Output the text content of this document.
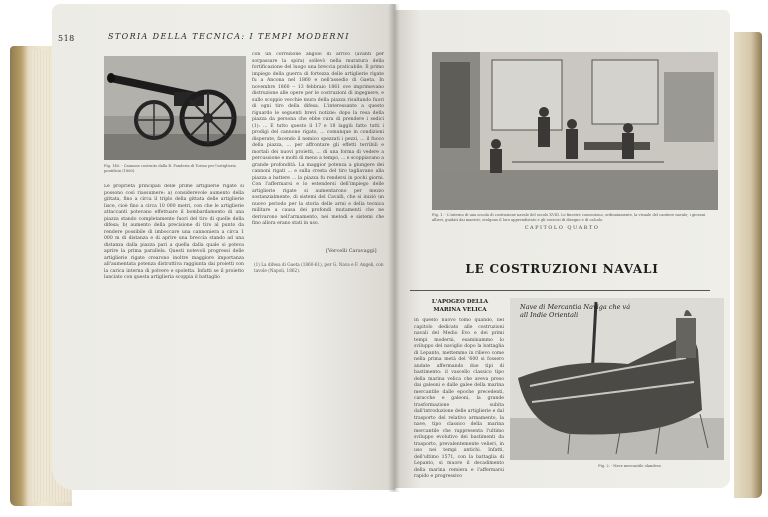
518	STORIA DELLA TECNICA: I TEMPI MODERNI
Fig. 140. - Cannone costruito dalla R. Fonderia di Torino per l'artiglieria pontificia (1860).
Le proprietà principali delle prime artiglierie rigate si possono così riassumere: a) considerevole aumento della gittata, fino a circa il triplo della gittata delle artiglierie lisce, cioè fino a circa 10 000 metri, con che le artiglierie attaccanti potevano effettuare il bombardamento di una piazza stando completamente fuori del tiro di quelle della difesa; b) aumento della precisione di tiro al punto da rendere possibile di imboccare una cannoniera a circa 1 000 m di distanza e di aprire una breccia stando ad una distanza dalla piazza pari a quella dalla quale si poteva aprire la prima parallela. Questi notevoli progressi delle artiglierie rigate crearono inoltre maggiore importanza all'aumentata potenza distruttiva raggiunta dai proietti con la carica interna di polvere e spoletta. Infatti se il proietto lanciato con questa artiglieria scoppia il battaglio
con un correzione angolo di arrivo (avanti per sorpassare la spira) sollevò nella muratura della fortificazione del luogo una breccia praticabile. Il primo impiego della guerra di fortezza delle artiglierie rigate fu a Ancona nel 1860 e nell'assedio di Gaeta. In novembre 1860 -- 13 febbraio 1861 ove imprimevano distruzione alle opere per le costruzioni di ingegnere, e sullo scoppio vecchie mura della piazza risultando fuori di ogni tiro della difesa. L'interessante a questo riguardo le seguenti brevi notizie: dopo la resa della piazza da persona che ebbe cura di prendere i sedici (1): ... E tutto questo il 17 e 18 laggiù fatto tutti i prodigi del cannone rigato, ... comunque in condizioni disperate, facendo il nemico spezzati i pezzi, ... il fuoco della piazza, ... per affrontare gli effetti terribili e mortali dei nuovi proietti, ... di una forma di vedere a percussione e molti di meno a tempo, ... e scoppiavano a grande profondità. La maggior potenza a giungere dei cannoni rigati ... e sulla cresta del tiro tagliavano alla piazza a battere ... la piazza fu rendersi in pochi giorni. Con l'affermarsi e lo estendersi dell'impiego delle artiglierie rigate si aumentarono per mezzo sostanzialmente, di sistemi del Cavalli, che si iniziò un nuovo periodo per la storia delle armi e della tecnica militare a causa dei profondi mutamenti che ne derivarono nell'armamento, nei metodi e sistemi che fino allora erano stati in uso.
[Vercelli Caravaggi]
(1) La difesa di Gaeta (1860-61), per G. Nava e F. Angeli, con tavole (Napoli, 1862).
Fig. 1. - L'interno di una scuola di costruzione navale del secolo XVIII. Le finestre consentono, ordinatamente, la visuale del cantiere navale; i giovani allievi, guidati dai maestri, svolgono il loro apprendistato e gli esercizi di disegno e di calcolo.
CAPITOLO QUARTO
LE COSTRUZIONI NAVALI
L'APOGEO DELLA MARINA VELICA
In questo nuovo tomo quando, nel capitolo dedicato alle costruzioni navali del Medio Evo e dei primi tempi moderni, esaminammo lo sviluppo del naviglio dopo la battaglia di Lepanto, mettemmo in rilievo come nella prima metà del '600 si fossero andate affermando due tipi di bastimento: il vascello classico tipo della marina velica che aveva preso dai galeoni e dalle galee della marina mercantile dalle epoche precedenti, caracche e galeoni, la grande trasformazione subita dall'introduzione delle artiglierie e dal trasporto del relativo armamento, la nave, tipo classico della marina mercantile che rappresenta l'ultimo sviluppo evolutivo dei bastimenti da trasporto, prevalentemente velieri, in uso nei tempi antichi. Infatti, dell'ultimo 1571, con la battaglia di Lepanto, si muore il decadimento della marina remiera e l'affermarsi rapido e progressivo
Nave di Mercantia Naviga che vá all Indie Orientali
Fig. 2. - Nave mercantile olandese.
